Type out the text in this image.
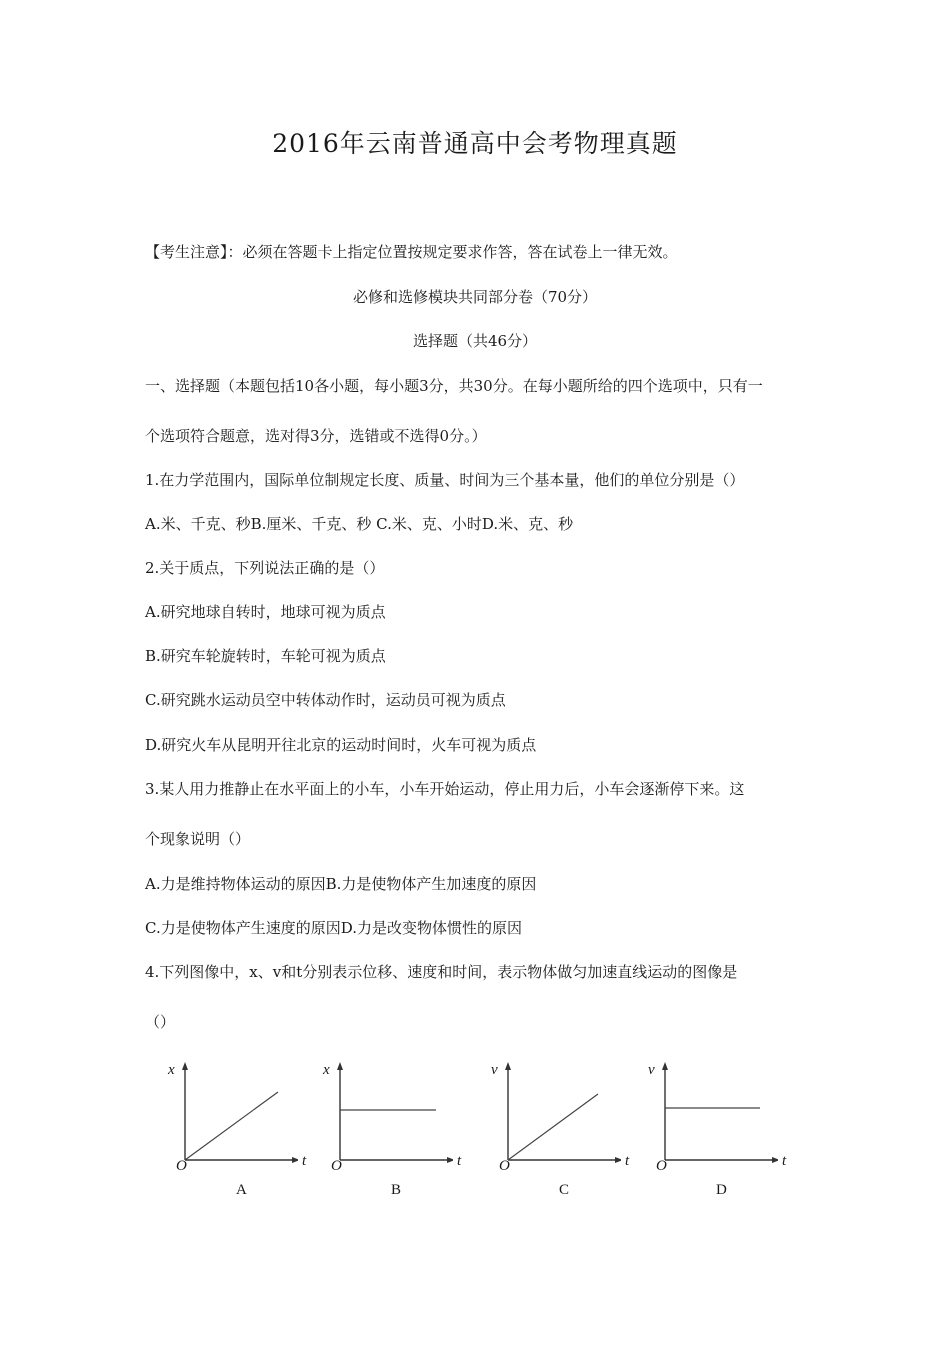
2016年云南普通高中会考物理真题
【考生注意】：必须在答题卡上指定位置按规定要求作答，答在试卷上一律无效。
必修和选修模块共同部分卷（70分）
选择题（共46分）
一、选择题（本题包括10各小题，每小题3分，共30分。在每小题所给的四个选项中，只有一
个选项符合题意，选对得3分，选错或不选得0分。）
1.在力学范围内，国际单位制规定长度、质量、时间为三个基本量，他们的单位分别是（）
A.米、千克、秒B.厘米、千克、秒 C.米、克、小时D.米、克、秒
2.关于质点，下列说法正确的是（）
A.研究地球自转时，地球可视为质点
B.研究车轮旋转时，车轮可视为质点
C.研究跳水运动员空中转体动作时，运动员可视为质点
D.研究火车从昆明开往北京的运动时间时，火车可视为质点
3.某人用力推静止在水平面上的小车，小车开始运动，停止用力后，小车会逐渐停下来。这
个现象说明（）
A.力是维持物体运动的原因B.力是使物体产生加速度的原因
C.力是使物体产生速度的原因D.力是改变物体惯性的原因
4.下列图像中，x、v和t分别表示位移、速度和时间，表示物体做匀加速直线运动的图像是
（）
x
O	t
A
x
O	t
B
v
O	t
C
v
O	t
D
